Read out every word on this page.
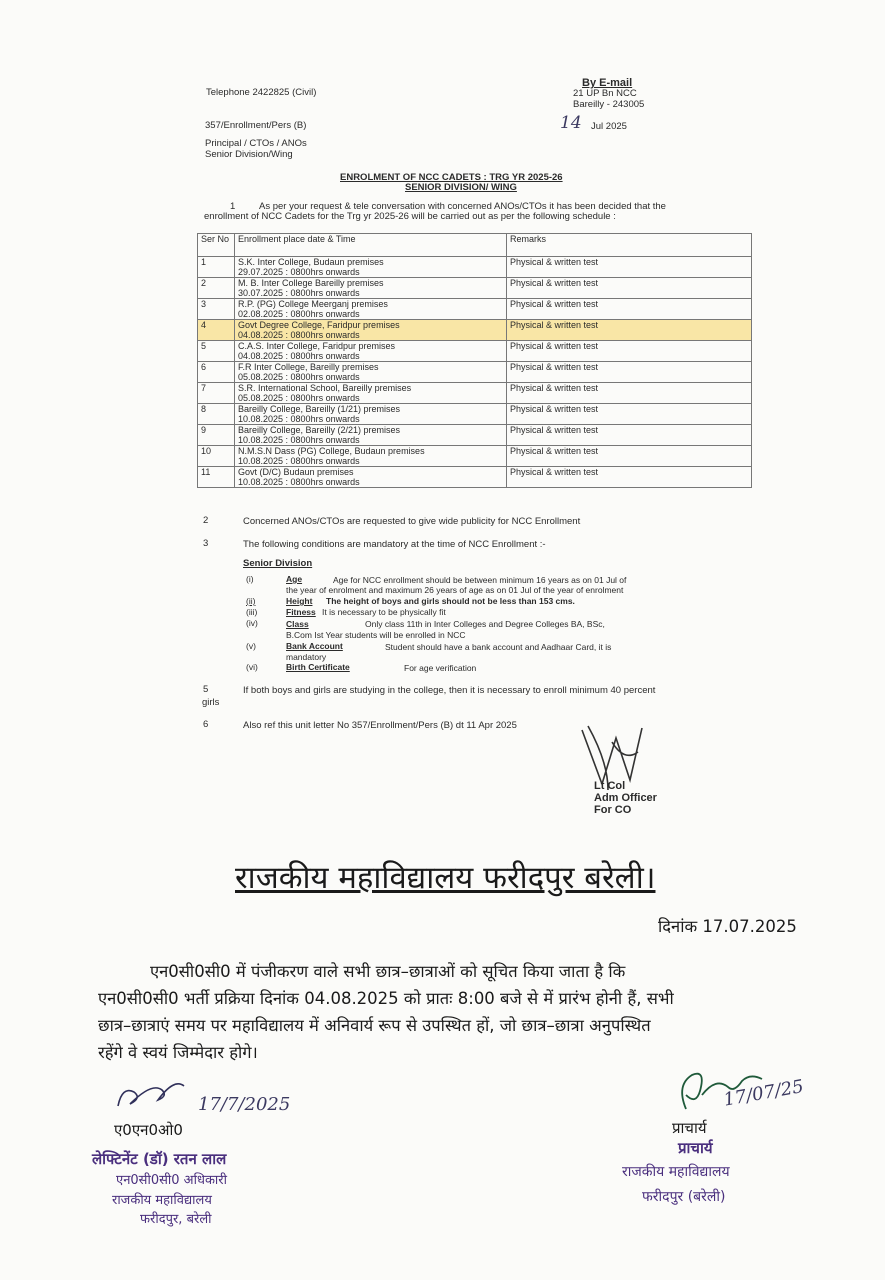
Telephone 2422825 (Civil)
By E-mail
21 UP Bn NCC
Bareilly - 243005
357/Enrollment/Pers (B)	14 Jul 2025
Principal / CTOs / ANOs
Senior Division/Wing
ENROLMENT OF NCC CADETS : TRG YR 2025-26
SENIOR DIVISION/ WING
1 As per your request & tele conversation with concerned ANOs/CTOs it has been decided that the
enrollment of NCC Cadets for the Trg yr 2025-26 will be carried out as per the following schedule :
Ser No	Enrollment place date & Time	Remarks
1	S.K. Inter College, Budaun premises
29.07.2025 : 0800hrs onwards	Physical & written test
2	M. B. Inter College Bareilly premises
30.07.2025 : 0800hrs onwards	Physical & written test
3	R.P. (PG) College Meerganj premises
02.08.2025 : 0800hrs onwards	Physical & written test
4	Govt Degree College, Faridpur premises
04.08.2025 : 0800hrs onwards	Physical & written test
5	C.A.S. Inter College, Faridpur premises
04.08.2025 : 0800hrs onwards	Physical & written test
6	F.R Inter College, Bareilly premises
05.08.2025 : 0800hrs onwards	Physical & written test
7	S.R. International School, Bareilly premises
05.08.2025 : 0800hrs onwards	Physical & written test
8	Bareilly College, Bareilly (1/21) premises
10.08.2025 : 0800hrs onwards	Physical & written test
9	Bareilly College, Bareilly (2/21) premises
10.08.2025 : 0800hrs onwards	Physical & written test
10	N.M.S.N Dass (PG) College, Budaun premises
10.08.2025 : 0800hrs onwards	Physical & written test
11	Govt (D/C) Budaun premises
10.08.2025 : 0800hrs onwards	Physical & written test
2	Concerned ANOs/CTOs are requested to give wide publicity for NCC Enrollment
3	The following conditions are mandatory at the time of NCC Enrollment :-
Senior Division
(i)	Age	Age for NCC enrollment should be between minimum 16 years as on 01 Jul of
the year of enrolment and maximum 26 years of age as on 01 Jul of the year of enrolment
(ii)	Height The height of boys and girls should not be less than 153 cms.
(iii)	Fitness It is necessary to be physically fit
(iv)	Class	Only class 11th in Inter Colleges and Degree Colleges BA, BSc,
B.Com Ist Year students will be enrolled in NCC
(v)	Bank Account	Student should have a bank account and Aadhaar Card, it is
mandatory
(vi)	Birth Certificate	For age verification
5	If both boys and girls are studying in the college, then it is necessary to enroll minimum 40 percent
girls
6	Also ref this unit letter No 357/Enrollment/Pers (B) dt 11 Apr 2025
Lt Col
Adm Officer
For CO
राजकीय महाविद्यालय फरीदपुर बरेली।
दिनांक 17.07.2025
एन0सी0सी0 में पंजीकरण वाले सभी छात्र–छात्राओं को सूचित किया जाता है कि
एन0सी0सी0 भर्ती प्रक्रिया दिनांक 04.08.2025 को प्रातः 8:00 बजे से में प्रारंभ होनी हैं, सभी
छात्र–छात्राएं समय पर महाविद्यालय में अनिवार्य रूप से उपस्थित हों, जो छात्र–छात्रा अनुपस्थित
रहेंगे वे स्वयं जिम्मेदार होगे।
17/7/2025
ए0एन0ओ0
लेफ्टिनेंट (डॉ) रतन लाल
एन0सी0सी0 अधिकारी
राजकीय महाविद्यालय
फरीदपुर, बरेली
17/07/25
प्राचार्य
प्राचार्य
राजकीय महाविद्यालय
फरीदपुर (बरेली)
